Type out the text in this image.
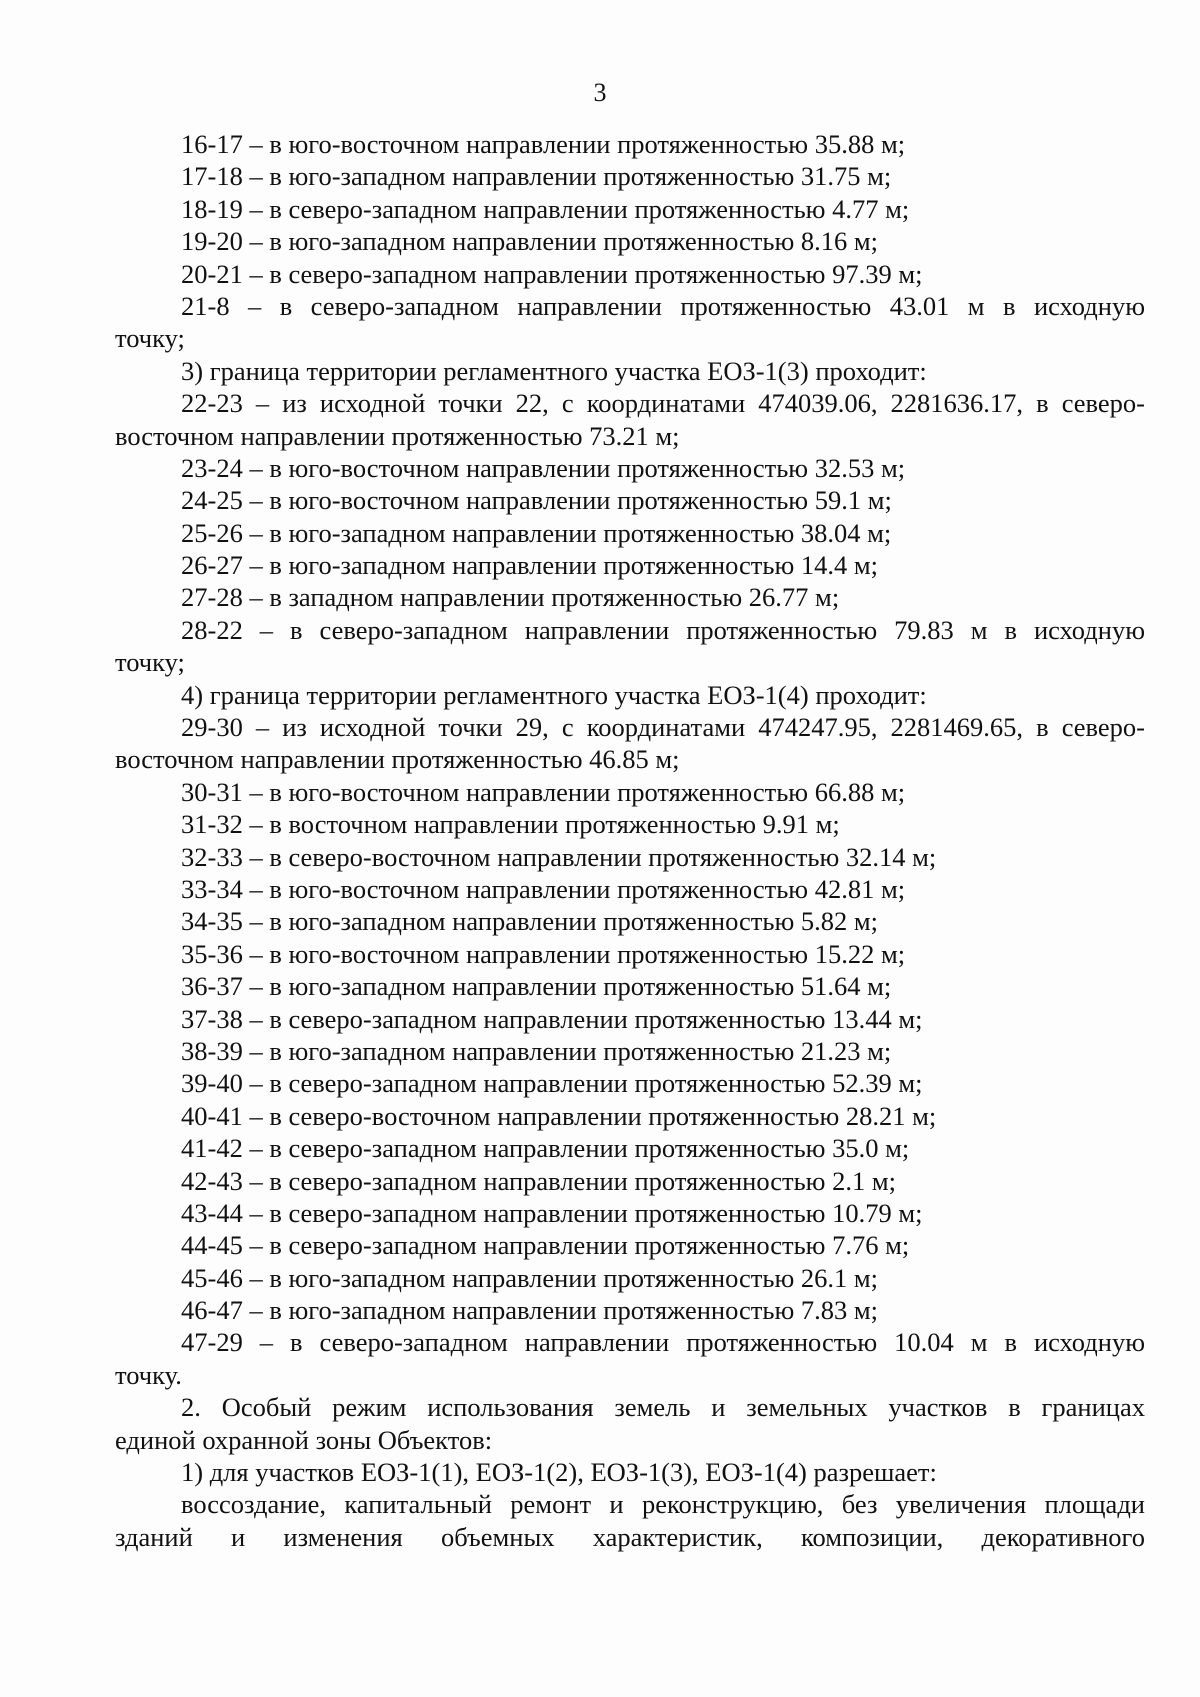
3
16-17 – в юго-восточном направлении протяженностью 35.88 м;
17-18 – в юго-западном направлении протяженностью 31.75 м;
18-19 – в северо-западном направлении протяженностью 4.77 м;
19-20 – в юго-западном направлении протяженностью 8.16 м;
20-21 – в северо-западном направлении протяженностью 97.39 м;
21-8 – в северо-западном направлении протяженностью 43.01 м в исходную
точку;
3) граница территории регламентного участка ЕОЗ-1(3) проходит:
22-23 – из исходной точки 22, с координатами 474039.06, 2281636.17, в северо-
восточном направлении протяженностью 73.21 м;
23-24 – в юго-восточном направлении протяженностью 32.53 м;
24-25 – в юго-восточном направлении протяженностью 59.1 м;
25-26 – в юго-западном направлении протяженностью 38.04 м;
26-27 – в юго-западном направлении протяженностью 14.4 м;
27-28 – в западном направлении протяженностью 26.77 м;
28-22 – в северо-западном направлении протяженностью 79.83 м в исходную
точку;
4) граница территории регламентного участка ЕОЗ-1(4) проходит:
29-30 – из исходной точки 29, с координатами 474247.95, 2281469.65, в северо-
восточном направлении протяженностью 46.85 м;
30-31 – в юго-восточном направлении протяженностью 66.88 м;
31-32 – в восточном направлении протяженностью 9.91 м;
32-33 – в северо-восточном направлении протяженностью 32.14 м;
33-34 – в юго-восточном направлении протяженностью 42.81 м;
34-35 – в юго-западном направлении протяженностью 5.82 м;
35-36 – в юго-восточном направлении протяженностью 15.22 м;
36-37 – в юго-западном направлении протяженностью 51.64 м;
37-38 – в северо-западном направлении протяженностью 13.44 м;
38-39 – в юго-западном направлении протяженностью 21.23 м;
39-40 – в северо-западном направлении протяженностью 52.39 м;
40-41 – в северо-восточном направлении протяженностью 28.21 м;
41-42 – в северо-западном направлении протяженностью 35.0 м;
42-43 – в северо-западном направлении протяженностью 2.1 м;
43-44 – в северо-западном направлении протяженностью 10.79 м;
44-45 – в северо-западном направлении протяженностью 7.76 м;
45-46 – в юго-западном направлении протяженностью 26.1 м;
46-47 – в юго-западном направлении протяженностью 7.83 м;
47-29 – в северо-западном направлении протяженностью 10.04 м в исходную
точку.
2. Особый режим использования земель и земельных участков в границах
единой охранной зоны Объектов:
1) для участков ЕОЗ-1(1), ЕОЗ-1(2), ЕОЗ-1(3), ЕОЗ-1(4) разрешает:
воссоздание, капитальный ремонт и реконструкцию, без увеличения площади
зданий и изменения объемных характеристик, композиции, декоративного
